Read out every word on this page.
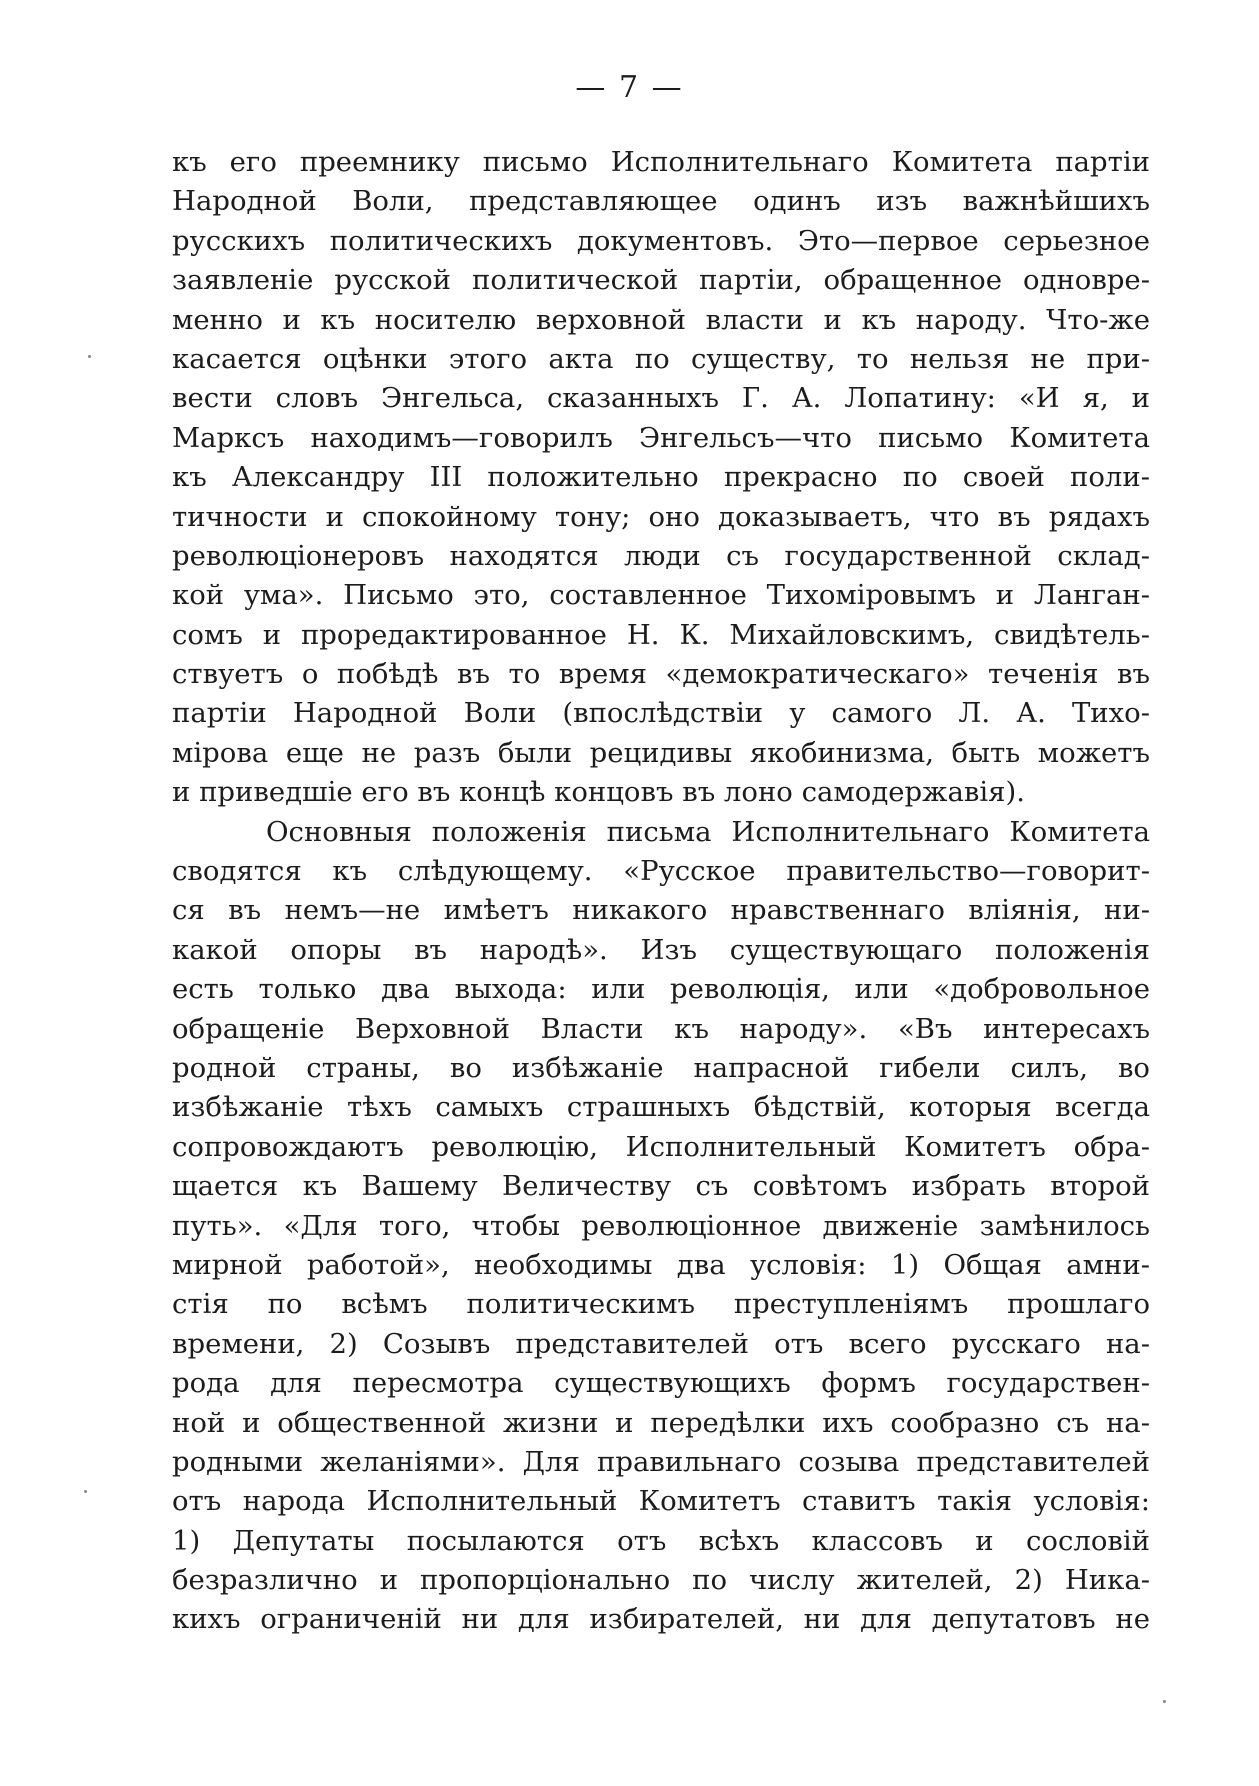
— 7 —
къ его преемнику письмо Исполнительнаго Комитета партіи
Народной Воли, представляющее одинъ изъ важнѣйшихъ
русскихъ политическихъ документовъ. Это—первое серьезное
заявленіе русской политической партіи, обращенное одновре-
менно и къ носителю верховной власти и къ народу. Что-же
касается оцѣнки этого акта по существу, то нельзя не при-
вести словъ Энгельса, сказанныхъ Г. А. Лопатину: «И я, и
Марксъ находимъ—говорилъ Энгельсъ—что письмо Комитета
къ Александру III положительно прекрасно по своей поли-
тичности и спокойному тону; оно доказываетъ, что въ рядахъ
революціонеровъ находятся люди съ государственной склад-
кой ума». Письмо это, составленное Тихоміровымъ и Ланган-
сомъ и проредактированное Н. К. Михайловскимъ, свидѣтель-
ствуетъ о побѣдѣ въ то время «демократическаго» теченія въ
партіи Народной Воли (впослѣдствіи у самого Л. А. Тихо-
мірова еще не разъ были рецидивы якобинизма, быть можетъ
и приведшіе его въ концѣ концовъ въ лоно самодержавія).
Основныя положенія письма Исполнительнаго Комитета
сводятся къ слѣдующему. «Русское правительство—говорит-
ся въ немъ—не имѣетъ никакого нравственнаго вліянія, ни-
какой опоры въ народѣ». Изъ существующаго положенія
есть только два выхода: или революція, или «добровольное
обращеніе Верховной Власти къ народу». «Въ интересахъ
родной страны, во избѣжаніе напрасной гибели силъ, во
избѣжаніе тѣхъ самыхъ страшныхъ бѣдствій, которыя всегда
сопровождаютъ революцію, Исполнительный Комитетъ обра-
щается къ Вашему Величеству съ совѣтомъ избрать второй
путь». «Для того, чтобы революціонное движеніе замѣнилось
мирной работой», необходимы два условія: 1) Общая амни-
стія по всѣмъ политическимъ преступленіямъ прошлаго
времени, 2) Созывъ представителей отъ всего русскаго на-
рода для пересмотра существующихъ формъ государствен-
ной и общественной жизни и передѣлки ихъ сообразно съ на-
родными желаніями». Для правильнаго созыва представителей
отъ народа Исполнительный Комитетъ ставитъ такія условія:
1) Депутаты посылаются отъ всѣхъ классовъ и сословій
безразлично и пропорціонально по числу жителей, 2) Ника-
кихъ ограниченій ни для избирателей, ни для депутатовъ не
